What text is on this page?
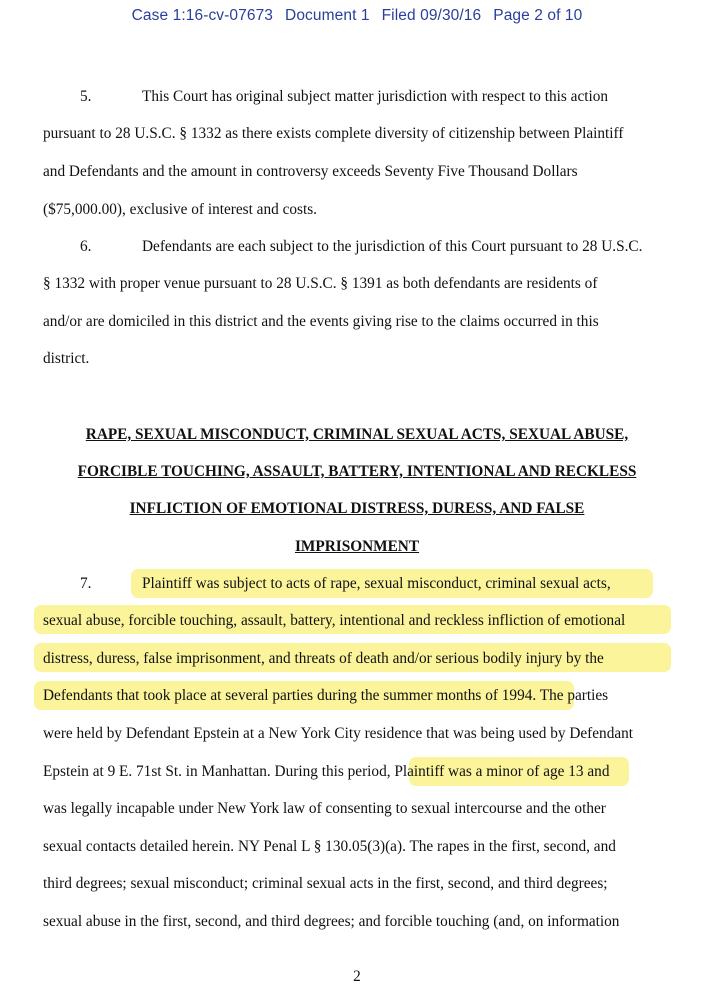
Case 1:16-cv-07673 Document 1 Filed 09/30/16 Page 2 of 10
5.	This Court has original subject matter jurisdiction with respect to this action
pursuant to 28 U.S.C. § 1332 as there exists complete diversity of citizenship between Plaintiff
and Defendants and the amount in controversy exceeds Seventy Five Thousand Dollars
($75,000.00), exclusive of interest and costs.
6.	Defendants are each subject to the jurisdiction of this Court pursuant to 28 U.S.C.
§ 1332 with proper venue pursuant to 28 U.S.C. § 1391 as both defendants are residents of
and/or are domiciled in this district and the events giving rise to the claims occurred in this
district.
RAPE, SEXUAL MISCONDUCT, CRIMINAL SEXUAL ACTS, SEXUAL ABUSE,
FORCIBLE TOUCHING, ASSAULT, BATTERY, INTENTIONAL AND RECKLESS
INFLICTION OF EMOTIONAL DISTRESS, DURESS, AND FALSE
IMPRISONMENT
7.	Plaintiff was subject to acts of rape, sexual misconduct, criminal sexual acts,
sexual abuse, forcible touching, assault, battery, intentional and reckless infliction of emotional
distress, duress, false imprisonment, and threats of death and/or serious bodily injury by the
Defendants that took place at several parties during the summer months of 1994. The parties
were held by Defendant Epstein at a New York City residence that was being used by Defendant
Epstein at 9 E. 71st St. in Manhattan. During this period, Plaintiff was a minor of age 13 and
was legally incapable under New York law of consenting to sexual intercourse and the other
sexual contacts detailed herein. NY Penal L § 130.05(3)(a). The rapes in the first, second, and
third degrees; sexual misconduct; criminal sexual acts in the first, second, and third degrees;
sexual abuse in the first, second, and third degrees; and forcible touching (and, on information
2
